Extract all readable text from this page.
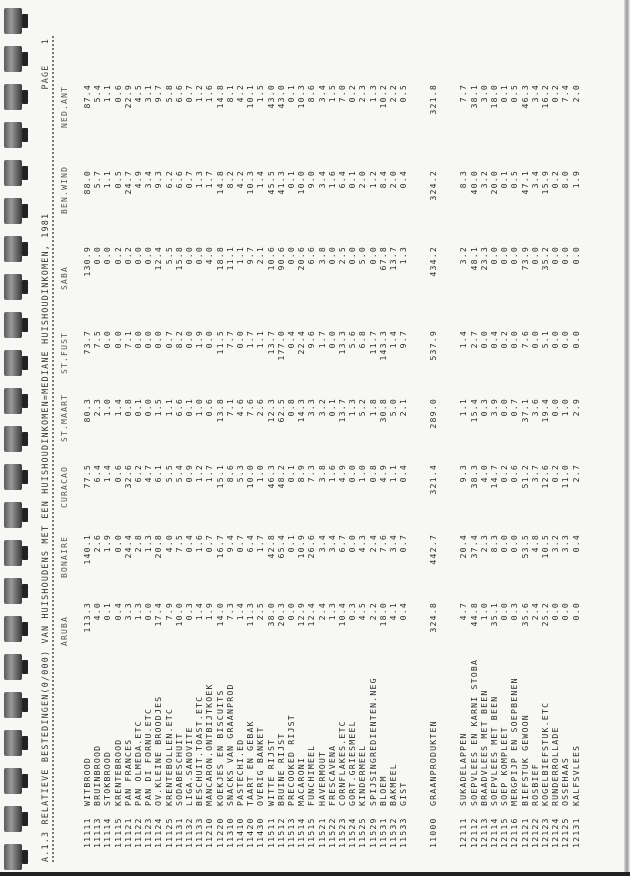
A.1.3 RELATIEVE BESTEDINGEN(0/000) VAN HUISHOUDENS MET EEN HUISHOUDINKOMEN=MEDIANE HUISHOUDINKOMEN, 1981
PAGE 1
ARUBA
BONAIRE
CURACAO
ST.MAART
ST.FUST
SABA
BEN.WIND
NED.ANT
11111
WITBROOD
113.3
140.1
77.5
80.3
73.7
130.9
88.0
87.4
11113
BRUINBROOD
4.0
2.6
6.4
2.3
7.5
0.0
5.7
5.4
11114
STOKBROOD
0.1
1.9
1.4
1.0
0.0
0.0
1.1
1.1
11115
KRENTEBROOD
0.4
0.0
0.6
1.4
0.0
0.2
0.5
0.6
11121
PAN FRANCES
3.3
24.4
32.6
0.8
7.1
0.2
24.7
22.9
11122
PAN OLMEDA.ETC
1.3
2.8
6.2
0.1
0.0
0.0
4.9
4.5
11123
PAN DI FORNU.ETC
0.0
1.3
4.7
0.0
0.0
0.0
3.4
3.1
11124
OV.KLEINE BROODJES
17.4
20.8
6.1
1.5
0.0
12.4
9.3
9.7
11125
KRENTEBOLLEN.ETC
7.9
4.0
5.5
1.1
0.7
5.5
6.2
5.8
11131
SODABESCHUIT
10.0
7.5
5.4
6.6
8.2
15.8
6.6
6.6
11132
LIGA.SANOVITE
0.3
0.4
0.9
0.1
0.0
0.0
0.7
0.7
11133
BESCHUIT.TOAST.ETC
1.4
1.6
1.2
1.0
1.9
0.0
1.3
1.2
11210
MANCARON.ONTBIJTKOEK
1.9
0.7
1.7
0.6
0.0
4.0
1.7
1.6
11220
KOEKJES EN BISCUITS
14.0
16.7
15.1
13.8
11.5
18.8
14.8
14.8
11310
SNACKS VAN GRAANPROD
7.3
9.4
8.6
7.1
7.7
11.1
8.2
8.1
11410
PASTECHI.ED
1.4
0.7
5.3
4.6
0.0
1.1
4.2
4.2
11420
TAART EN GEBAK
11.3
6.4
10.0
7.6
1.7
9.7
10.3
10.1
11430
OVERIG BANKET
2.5
1.7
1.0
2.6
1.1
2.1
1.4
1.5
11511
WITTE RIJST
38.0
42.8
46.3
12.3
13.7
10.6
45.5
43.0
11512
BRUINE RIJST
20.3
65.4
48.2
62.5
177.0
90.6
41.3
43.0
11513
PRECOOKED RIJST
0.0
0.1
0.1
0.8
0.4
0.0
0.1
0.1
11514
MACARONI
12.9
10.9
8.9
14.3
22.4
20.6
10.0
10.3
11515
FUNCHIMEEL
12.4
26.6
7.3
3.3
9.6
6.6
9.0
8.6
11521
HAVERMOUT
2.4
3.4
3.8
3.2
1.7
3.8
3.4
3.4
11522
FRESCAVENA
1.3
3.4
1.6
0.1
0.0
0.0
1.6
1.5
11523
CORNFLAKES.ETC
10.4
6.7
4.9
13.7
13.3
2.5
6.4
7.0
11524
GORT.GRIESMEEL
0.3
0.0
0.0
1.3
5.6
0.0
0.1
0.2
11525
KINDERMEEL
4.5
4.3
1.0
5.2
6.8
5.0
2.0
2.3
11529
SPIJSINGREDIENTEN.NEG
2.2
2.4
0.8
1.8
11.7
0.0
1.2
1.3
11531
BLOEM
18.0
7.6
4.9
30.8
143.3
67.8
8.4
10.2
11532
BAKMEEL
4.1
3.4
1.1
5.0
1.4
13.7
2.0
2.2
11533
GIST
0.4
0.7
0.4
2.1
9.7
1.3
0.4
0.5
11000
GRAANPRODUKTEN
324.8
442.7
321.4
289.0
537.9
434.2
324.2
321.8
12111
SUKADELAPPEN
4.7
20.4
9.3
1.1
1.4
3.2
8.3
7.7
12112
SOEPVLEES EN KARNI STOBA
44.8
37.4
38.3
15.4
2.7
48.1
40.0
38.1
12113
BRAADVLEES MET BEEN
1.0
2.3
4.0
0.3
0.0
23.3
3.2
3.0
12114
SOEPVLEES MET BEEN
35.1
8.3
14.7
3.9
0.4
0.0
20.0
18.0
12115
SOEP KOMPLEET
0.0
0.0
0.2
0.0
0.2
0.0
0.1
0.1
12116
MERGPIJP EN SOEPBENEN
0.3
0.0
0.6
0.7
0.0
0.0
0.5
0.5
12121
BIEFSTUK GEWOON
35.6
53.5
51.2
37.1
7.6
73.9
47.1
46.3
12122
ROSBIEF
2.4
4.8
3.7
3.6
0.0
0.0
3.4
3.4
12123
KOGELBIEFSTUK.ETC
25.2
10.5
12.6
19.4
5.1
35.2
15.9
16.2
12124
RUNDERROLLADE
0.0
3.2
0.2
0.0
0.0
0.0
0.2
0.2
12125
OSSEHAAS
0.0
3.3
11.0
1.0
0.0
0.0
8.0
7.4
12131
KALFSVLEES
0.0
0.4
2.7
2.9
0.0
0.0
1.9
2.0
